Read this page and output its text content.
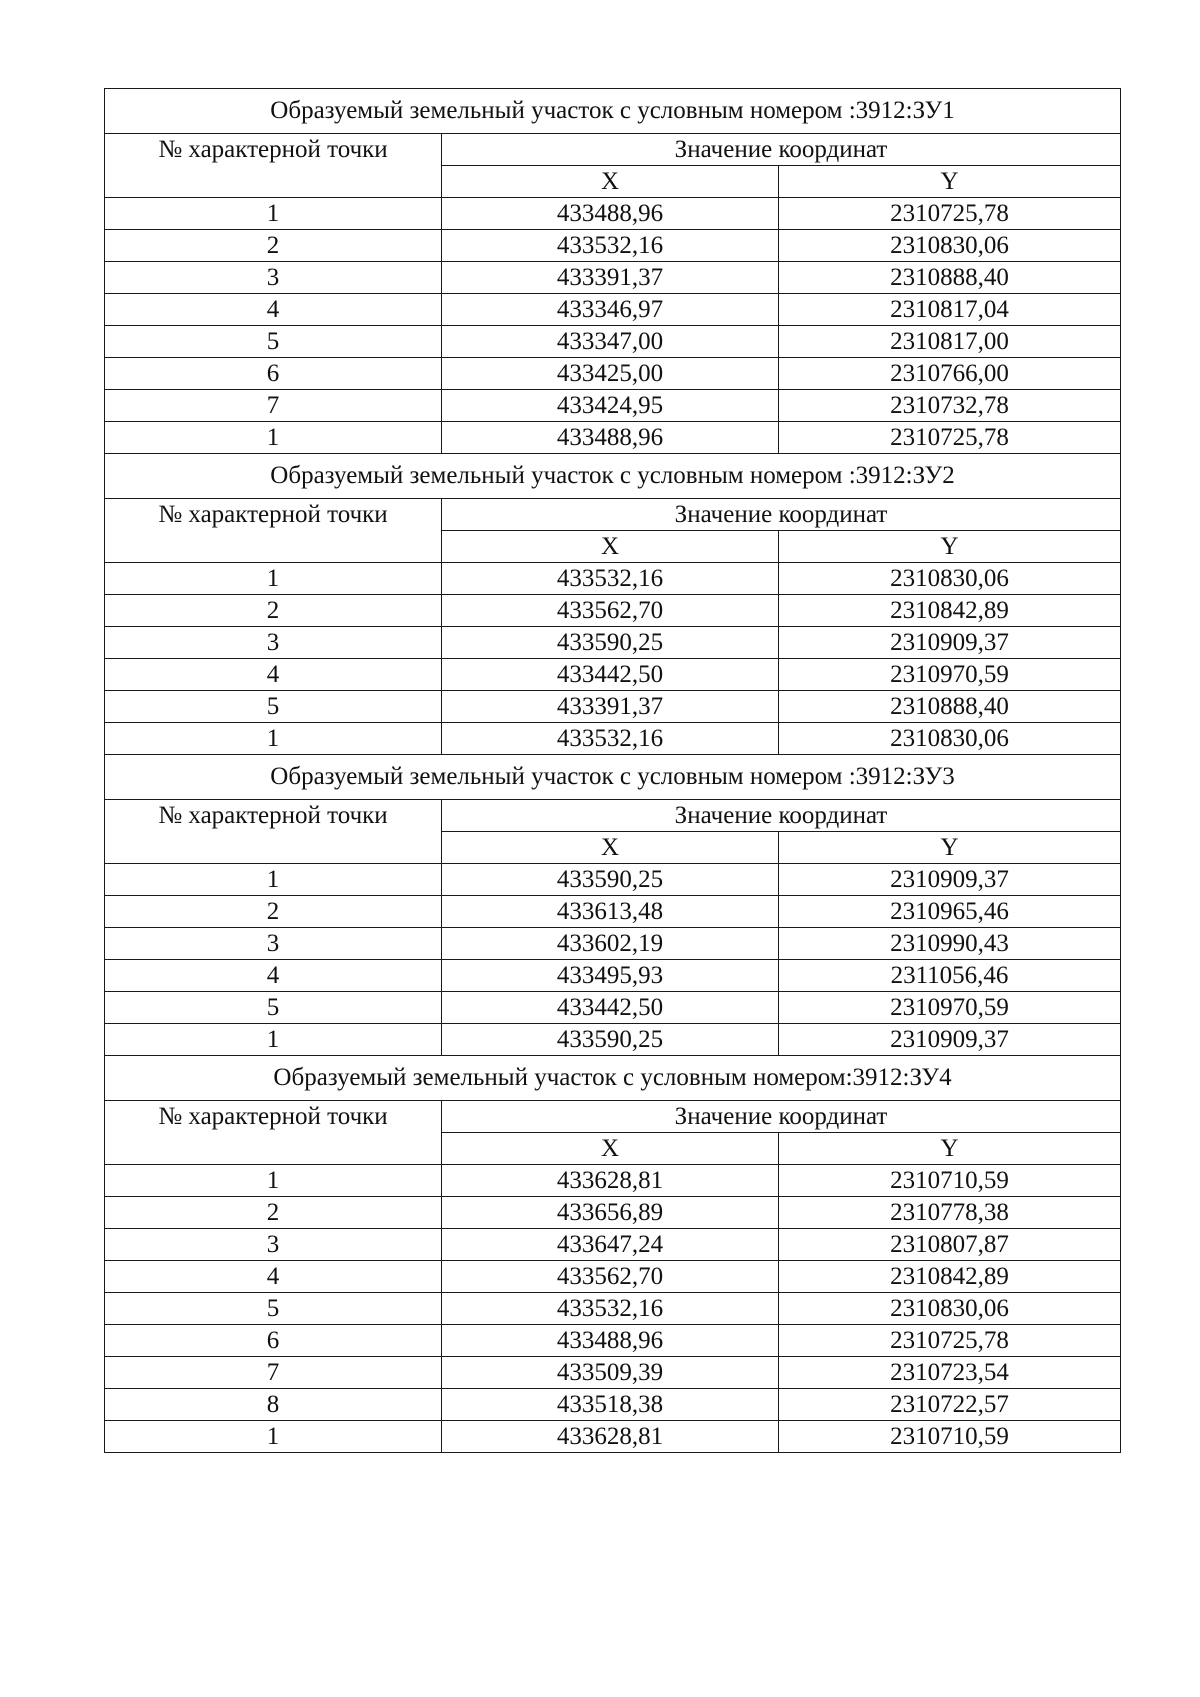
Образуемый земельный участок с условным номером :3912:ЗУ1		
№ характерной точки	Значение координат	
	X	Y
1	433488,96	2310725,78
2	433532,16	2310830,06
3	433391,37	2310888,40
4	433346,97	2310817,04
5	433347,00	2310817,00
6	433425,00	2310766,00
7	433424,95	2310732,78
1	433488,96	2310725,78
Образуемый земельный участок с условным номером :3912:ЗУ2		
№ характерной точки	Значение координат	
	X	Y
1	433532,16	2310830,06
2	433562,70	2310842,89
3	433590,25	2310909,37
4	433442,50	2310970,59
5	433391,37	2310888,40
1	433532,16	2310830,06
Образуемый земельный участок с условным номером :3912:ЗУ3		
№ характерной точки	Значение координат	
	X	Y
1	433590,25	2310909,37
2	433613,48	2310965,46
3	433602,19	2310990,43
4	433495,93	2311056,46
5	433442,50	2310970,59
1	433590,25	2310909,37
Образуемый земельный участок с условным номером:3912:ЗУ4		
№ характерной точки	Значение координат	
	X	Y
1	433628,81	2310710,59
2	433656,89	2310778,38
3	433647,24	2310807,87
4	433562,70	2310842,89
5	433532,16	2310830,06
6	433488,96	2310725,78
7	433509,39	2310723,54
8	433518,38	2310722,57
1	433628,81	2310710,59
